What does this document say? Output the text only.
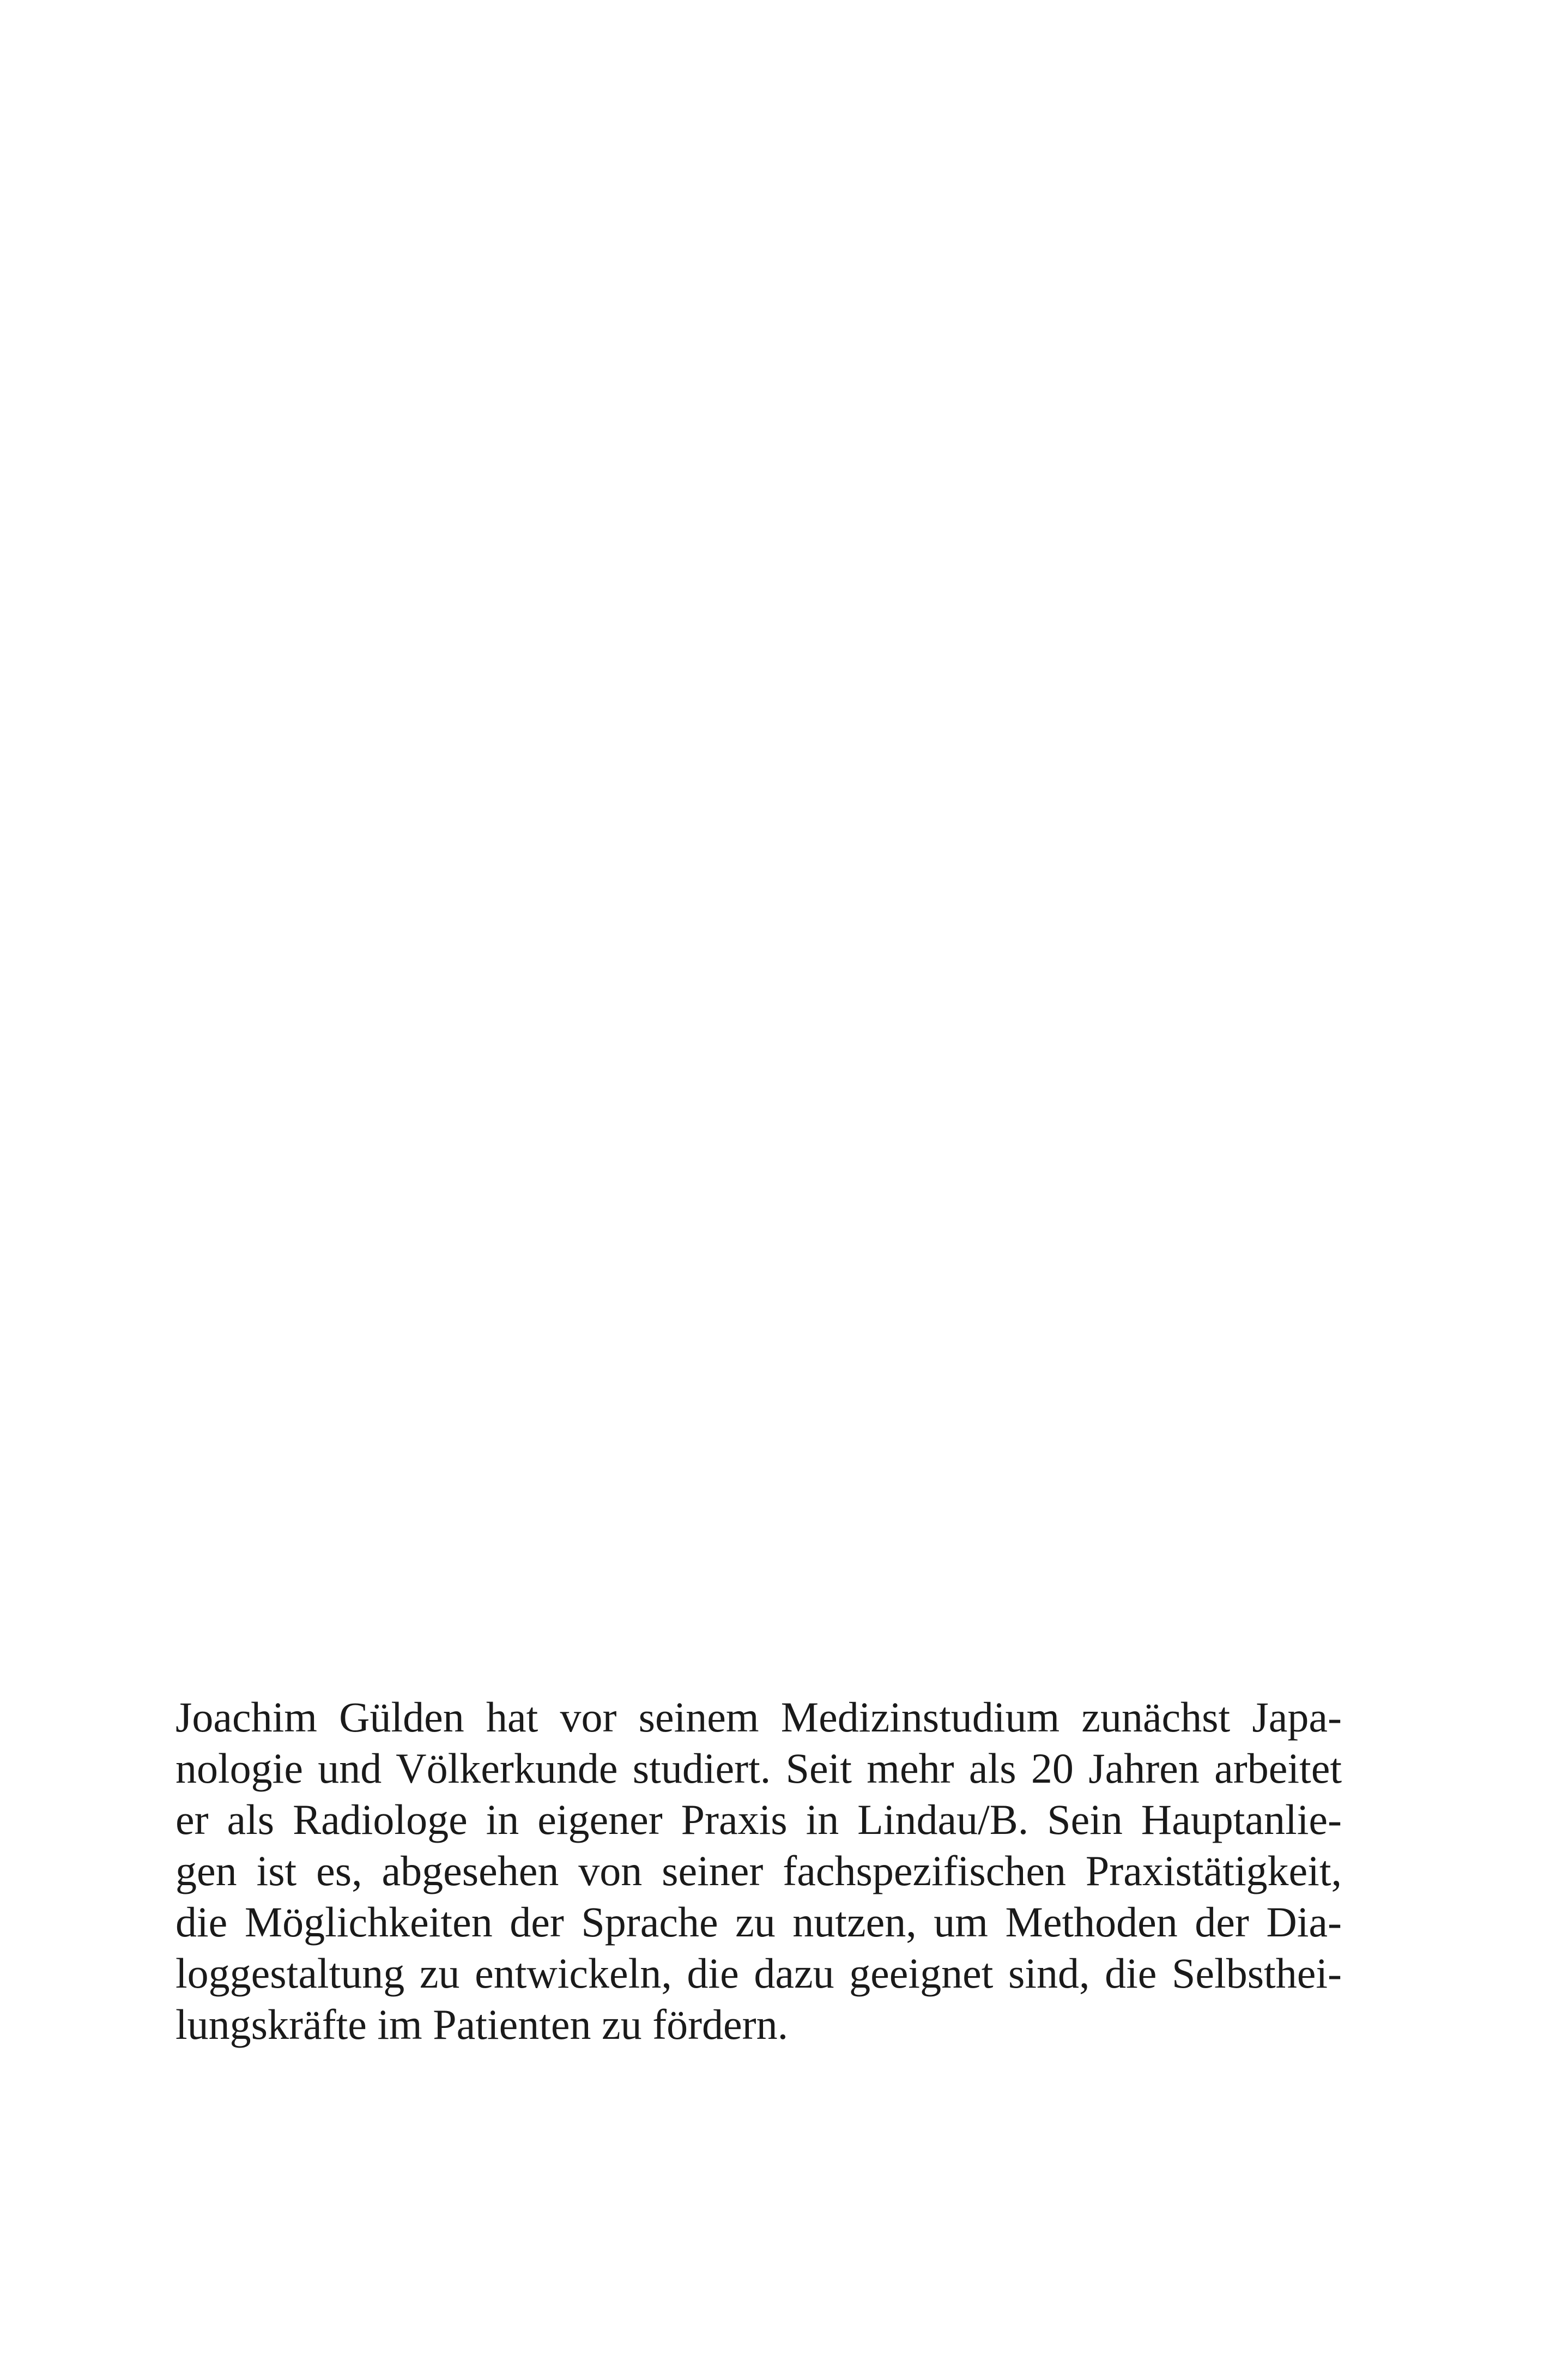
Joachim Gülden hat vor seinem Medizinstudium zunächst Japa-
nologie und Völkerkunde studiert. Seit mehr als 20 Jahren arbeitet
er als Radiologe in eigener Praxis in Lindau/B. Sein Hauptanlie-
gen ist es, abgesehen von seiner fachspezifischen Praxistätigkeit,
die Möglichkeiten der Sprache zu nutzen, um Methoden der Dia-
loggestaltung zu entwickeln, die dazu geeignet sind, die Selbsthei-
lungskräfte im Patienten zu fördern.
